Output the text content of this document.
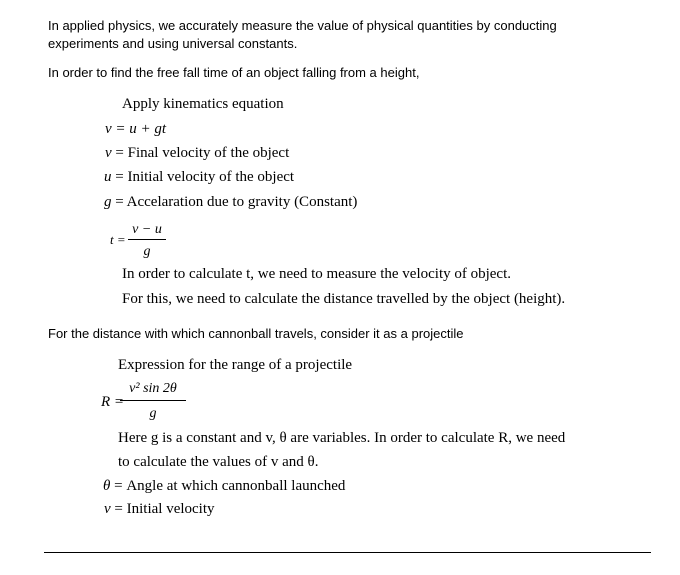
In applied physics, we accurately measure the value of physical quantities by conducting
experiments and using universal constants.
In order to find the free fall time of an object falling from a height,
Apply kinematics equation
v = u + gt
v = Final velocity of the object
u = Initial velocity of the object
g = Accelaration due to gravity (Constant)
t =
v − u
g
In order to calculate t, we need to measure the velocity of object.
For this, we need to calculate the distance travelled by the object (height).
For the distance with which cannonball travels, consider it as a projectile
Expression for the range of a projectile
R =
v² sin 2θ
g
Here g is a constant and v, θ are variables. In order to calculate R, we need
to calculate the values of v and θ.
θ = Angle at which cannonball launched
v = Initial velocity
